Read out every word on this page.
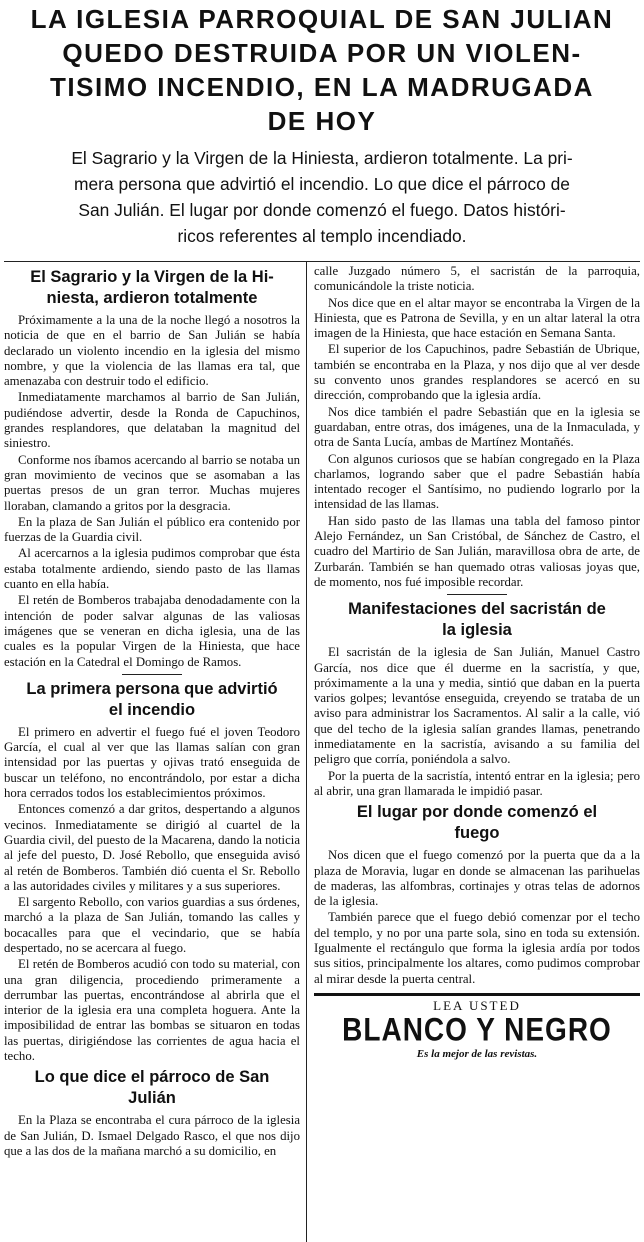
LA IGLESIA PARROQUIAL DE SAN JULIAN
QUEDO DESTRUIDA POR UN VIOLEN-
TISIMO INCENDIO, EN LA MADRUGADA
DE HOY
El Sagrario y la Virgen de la Hiniesta, ardieron totalmente. La pri-
mera persona que advirtió el incendio. Lo que dice el párroco de
San Julián. El lugar por donde comenzó el fuego. Datos históri-
ricos referentes al templo incendiado.
El Sagrario y la Virgen de la Hi-
niesta, ardieron totalmente

Próximamente a la una de la noche llegó a nosotros la noticia de que en el barrio de San Julián se había declarado un violento incendio en la iglesia del mismo nombre, y que la violencia de las llamas era tal, que amenazaba con destruir todo el edificio.

Inmediatamente marchamos al barrio de San Julián, pudiéndose advertir, desde la Ronda de Capuchinos, grandes resplandores, que delataban la magnitud del siniestro.

Conforme nos íbamos acercando al barrio se notaba un gran movimiento de vecinos que se asomaban a las puertas presos de un gran terror. Muchas mujeres lloraban, clamando a gritos por la desgracia.

En la plaza de San Julián el público era contenido por fuerzas de la Guardia civil.

Al acercarnos a la iglesia pudimos comprobar que ésta estaba totalmente ardiendo, siendo pasto de las llamas cuanto en ella había.

El retén de Bomberos trabajaba denodadamente con la intención de poder salvar algunas de las valiosas imágenes que se veneran en dicha iglesia, una de las cuales es la popular Virgen de la Hiniesta, que hace estación en la Catedral el Domingo de Ramos.

La primera persona que advirtió
el incendio

El primero en advertir el fuego fué el joven Teodoro García, el cual al ver que las llamas salían con gran intensidad por las puertas y ojivas trató enseguida de buscar un teléfono, no encontrándolo, por estar a dicha hora cerrados todos los establecimientos próximos.

Entonces comenzó a dar gritos, despertando a algunos vecinos. Inmediatamente se dirigió al cuartel de la Guardia civil, del puesto de la Macarena, dando la noticia al jefe del puesto, D. José Rebollo, que enseguida avisó al retén de Bomberos. También dió cuenta el Sr. Rebollo a las autoridades civiles y militares y a sus superiores.

El sargento Rebollo, con varios guardias a sus órdenes, marchó a la plaza de San Julián, tomando las calles y bocacalles para que el vecindario, que se había despertado, no se acercara al fuego.

El retén de Bomberos acudió con todo su material, con una gran diligencia, procediendo primeramente a derrumbar las puertas, encontrándose al abrirla que el interior de la iglesia era una completa hoguera. Ante la imposibilidad de entrar las bombas se situaron en todas las puertas, dirigiéndose las corrientes de agua hacia el techo.

Lo que dice el párroco de San
Julián

En la Plaza se encontraba el cura párroco de la iglesia de San Julián, D. Ismael Delgado Rasco, el que nos dijo que a las dos de la mañana marchó a su domicilio, en

calle Juzgado número 5, el sacristán de la parroquia, comunicándole la triste noticia.

Nos dice que en el altar mayor se encontraba la Virgen de la Hiniesta, que es Patrona de Sevilla, y en un altar lateral la otra imagen de la Hiniesta, que hace estación en Semana Santa.

El superior de los Capuchinos, padre Sebastián de Ubrique, también se encontraba en la Plaza, y nos dijo que al ver desde su convento unos grandes resplandores se acercó en su dirección, comprobando que la iglesia ardía.

Nos dice también el padre Sebastián que en la iglesia se guardaban, entre otras, dos imágenes, una de la Inmaculada, y otra de Santa Lucía, ambas de Martínez Montañés.

Con algunos curiosos que se habían congregado en la Plaza charlamos, logrando saber que el padre Sebastián había intentado recoger el Santísimo, no pudiendo lograrlo por la intensidad de las llamas.

Han sido pasto de las llamas una tabla del famoso pintor Alejo Fernández, un San Cristóbal, de Sánchez de Castro, el cuadro del Martirio de San Julián, maravillosa obra de arte, de Zurbarán. También se han quemado otras valiosas joyas que, de momento, nos fué imposible recordar.

Manifestaciones del sacristán de
la iglesia

El sacristán de la iglesia de San Julián, Manuel Castro García, nos dice que él duerme en la sacristía, y que, próximamente a la una y media, sintió que daban en la puerta varios golpes; levantóse enseguida, creyendo se trataba de un aviso para administrar los Sacramentos. Al salir a la calle, vió que del techo de la iglesia salían grandes llamas, penetrando inmediatamente en la sacristía, avisando a su familia del peligro que corría, poniéndola a salvo.

Por la puerta de la sacristía, intentó entrar en la iglesia; pero al abrir, una gran llamarada le impidió pasar.

El lugar por donde comenzó el
fuego

Nos dicen que el fuego comenzó por la puerta que da a la plaza de Moravia, lugar en donde se almacenan las parihuelas de maderas, las alfombras, cortinajes y otras telas de adornos de la iglesia.

También parece que el fuego debió comenzar por el techo del templo, y no por una parte sola, sino en toda su extensión. Igualmente el rectángulo que forma la iglesia ardía por todos sus sitios, principalmente los altares, como pudimos comprobar al mirar desde la puerta central.

LEA USTED
BLANCO Y NEGRO
Es la mejor de las revistas.
